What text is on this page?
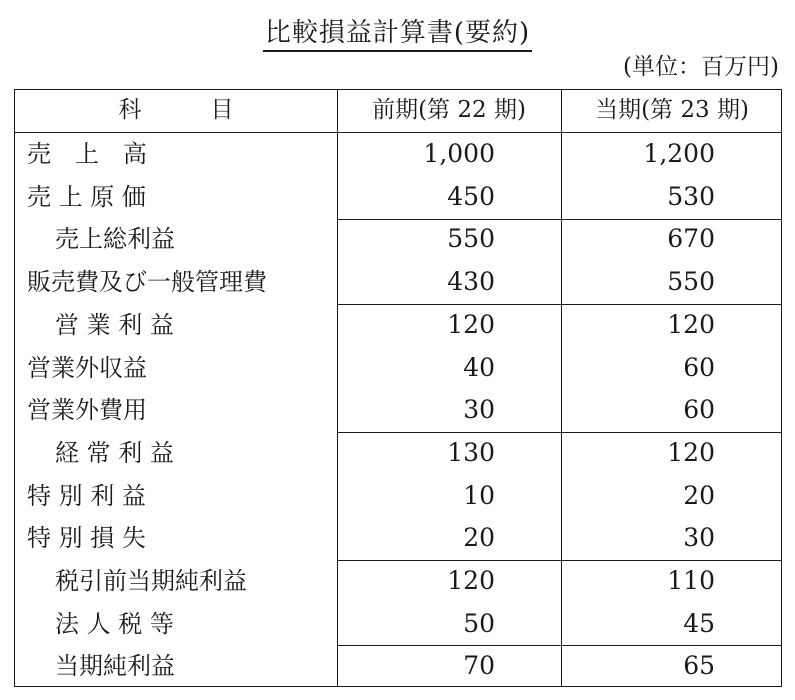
比較損益計算書(要約)
(単位：百万円)
科　　　目	前期(第 22 期)	当期(第 23 期)
売　上　高	1,000	1,200
売 上 原 価	450	530
売上総利益	550	670
販売費及び一般管理費	430	550
営 業 利 益	120	120
営業外収益	40	60
営業外費用	30	60
経 常 利 益	130	120
特 別 利 益	10	20
特 別 損 失	20	30
税引前当期純利益	120	110
法 人 税 等	50	45
当期純利益	70	65
